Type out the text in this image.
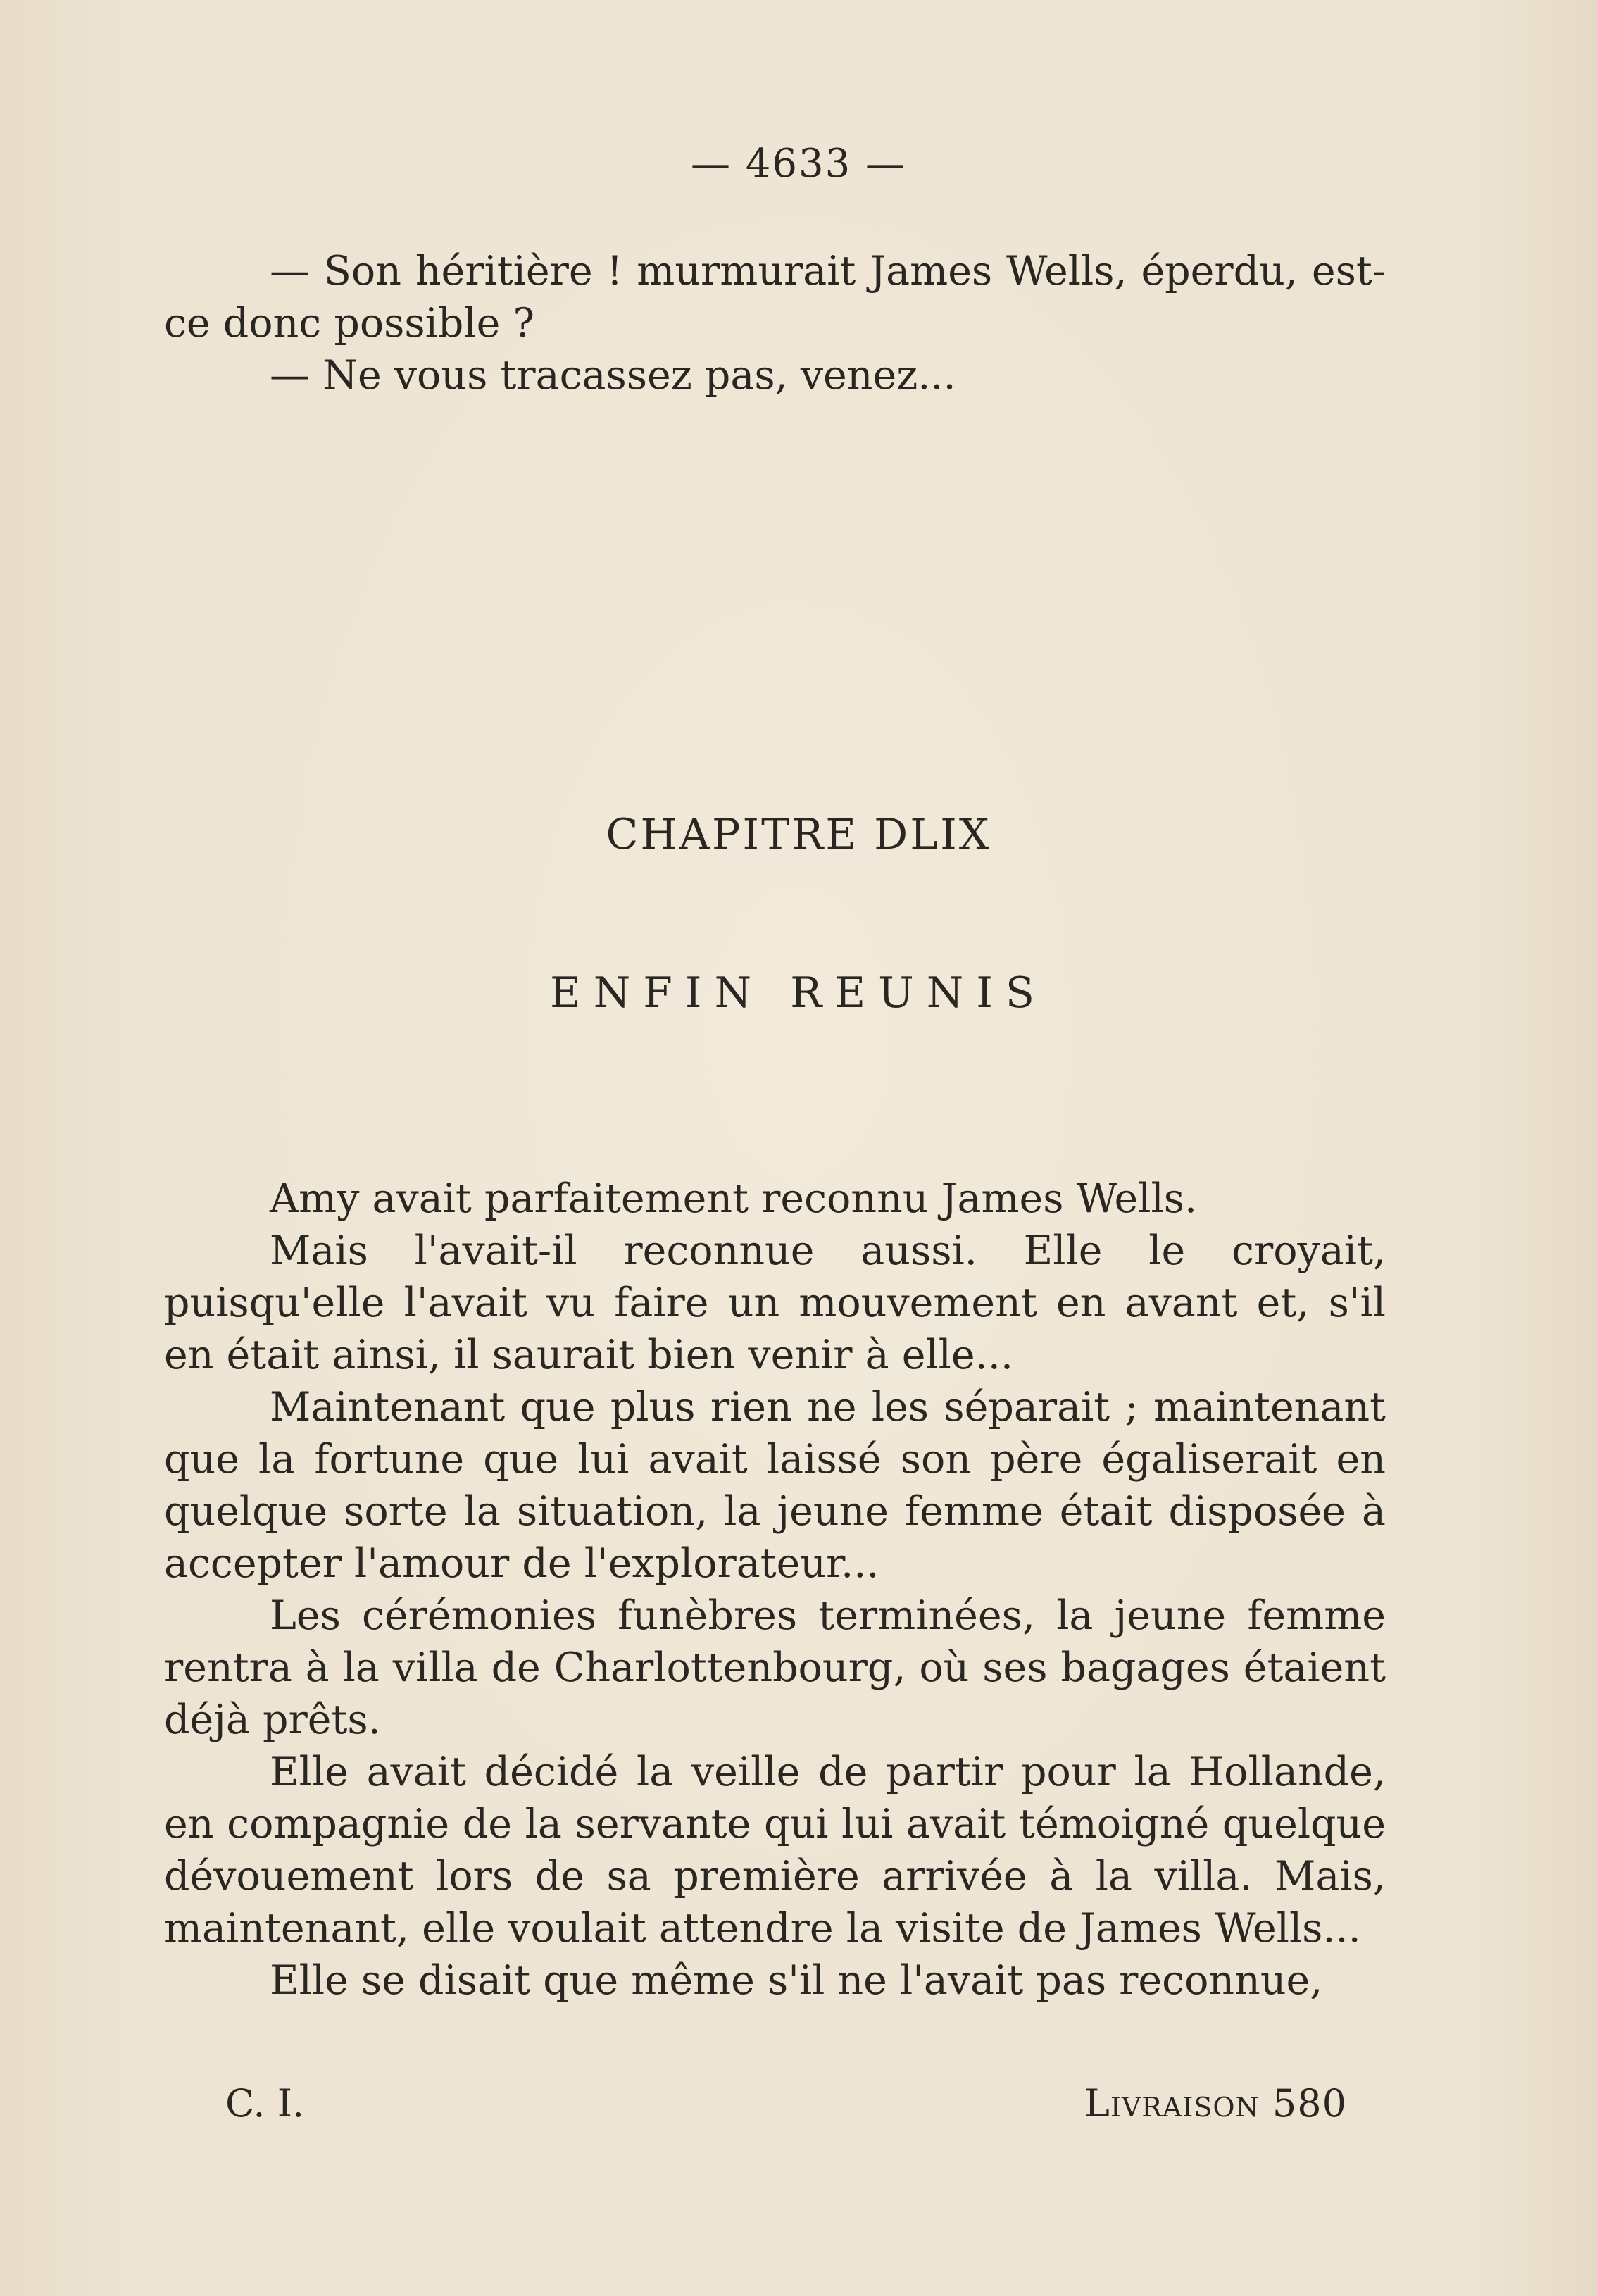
— 4633 —

— Son héritière ! murmurait James Wells, éperdu, est-ce donc possible ?

— Ne vous tracassez pas, venez...

CHAPITRE DLIX
ENFIN REUNIS

Amy avait parfaitement reconnu James Wells.

Mais l'avait-il reconnue aussi. Elle le croyait, puisqu'elle l'avait vu faire un mouvement en avant et, s'il en était ainsi, il saurait bien venir à elle...

Maintenant que plus rien ne les séparait ; maintenant que la fortune que lui avait laissé son père égaliserait en quelque sorte la situation, la jeune femme était disposée à accepter l'amour de l'explorateur...

Les cérémonies funèbres terminées, la jeune femme rentra à la villa de Charlottenbourg, où ses bagages étaient déjà prêts.

Elle avait décidé la veille de partir pour la Hollande, en compagnie de la servante qui lui avait témoigné quelque dévouement lors de sa première arrivée à la villa. Mais, maintenant, elle voulait attendre la visite de James Wells...

Elle se disait que même s'il ne l'avait pas reconnue,

C. I.	Livraison 580
